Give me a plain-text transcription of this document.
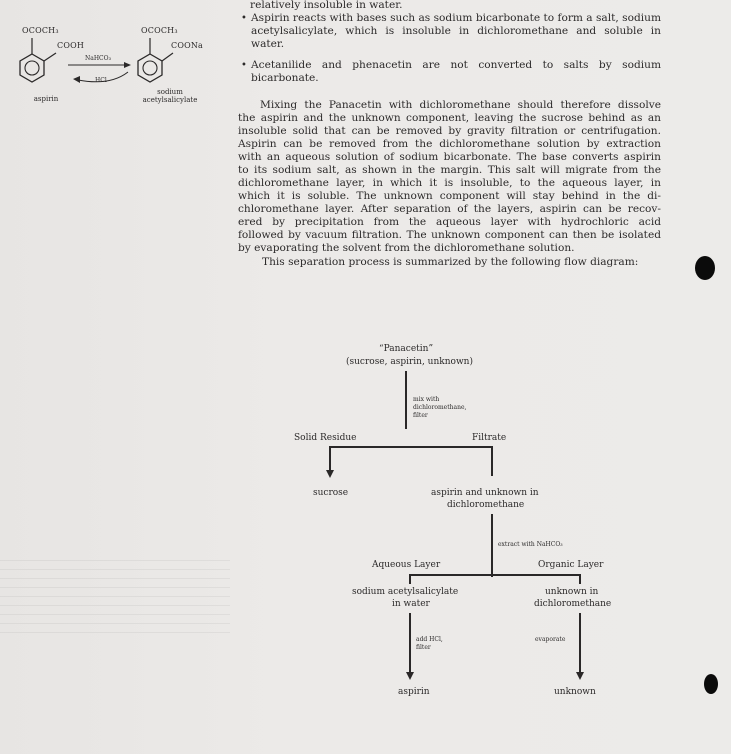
OCOCH₃
COOH
OCOCH₃
COONa
NaHCO₃
HCl
aspirin
sodium
acetylsalicylate
relatively insoluble in water.
• Aspirin reacts with bases such as sodium bicarbonate to form a salt, sodium
acetylsalicylate, which is insoluble in dichloromethane and soluble in
water.
• Acetanilide and phenacetin are not converted to salts by sodium
bicarbonate.
Mixing the Panacetin with dichloromethane should therefore dissolve
the aspirin and the unknown component, leaving the sucrose behind as an
insoluble solid that can be removed by gravity filtration or centrifugation.
Aspirin can be removed from the dichloromethane solution by extraction
with an aqueous solution of sodium bicarbonate. The base converts aspirin
to its sodium salt, as shown in the margin. This salt will migrate from the
dichloromethane layer, in which it is insoluble, to the aqueous layer, in
which it is soluble. The unknown component will stay behind in the di-
chloromethane layer. After separation of the layers, aspirin can be recov-
ered by precipitation from the aqueous layer with hydrochloric acid
followed by vacuum filtration. The unknown component can then be isolated
by evaporating the solvent from the dichloromethane solution.
This separation process is summarized by the following flow diagram:
“Panacetin”
(sucrose, aspirin, unknown)
mix with
dichloromethane,
filter
Solid Residue	Filtrate
sucrose	aspirin and unknown in
dichloromethane
extract with NaHCO₃
Aqueous Layer	Organic Layer
sodium acetylsalicylate
in water
unknown in
dichloromethane
add HCl,
filter
evaporate
aspirin	unknown
